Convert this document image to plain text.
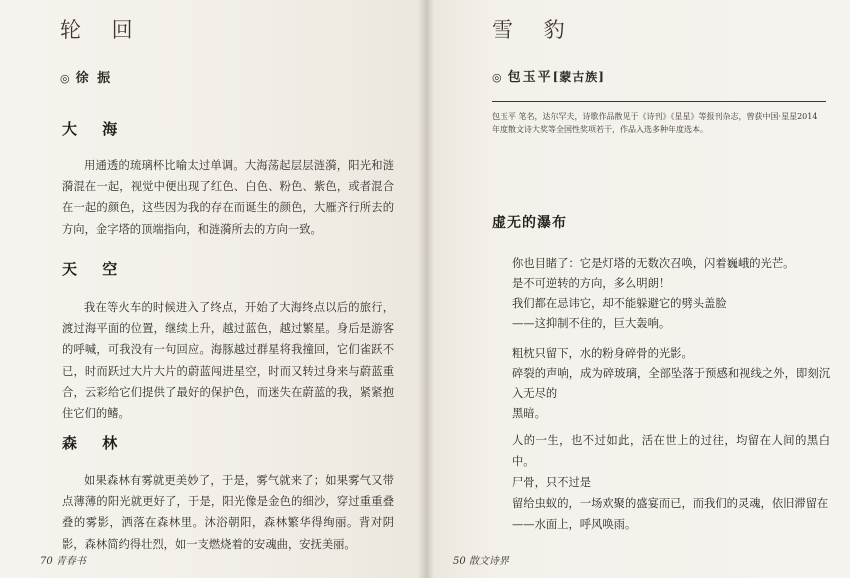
轮 回
◎ 徐 振
大 海
用通透的琉璃杯比喻太过单调。大海荡起层层涟漪，阳光和涟漪混在一起，视觉中便出现了红色、白色、粉色、紫色，或者混合在一起的颜色，这些因为我的存在而诞生的颜色，大雁齐行所去的方向，金字塔的顶端指向，和涟漪所去的方向一致。
天 空
我在等火车的时候进入了终点，开始了大海终点以后的旅行，渡过海平面的位置，继续上升，越过蓝色，越过繁星。身后是游客的呼喊，可我没有一句回应。海豚越过群星将我撞回，它们雀跃不已，时而跃过大片大片的蔚蓝闯进星空，时而又转过身来与蔚蓝重合，云彩给它们提供了最好的保护色，而迷失在蔚蓝的我，紧紧抱住它们的鳍。
森 林
如果森林有雾就更美妙了，于是，雾气就来了；如果雾气又带点薄薄的阳光就更好了，于是，阳光像是金色的细沙，穿过重重叠叠的雾影，洒落在森林里。沐浴朝阳，森林繁华得绚丽。背对阴影，森林简约得壮烈，如一支燃烧着的安魂曲，安抚美丽。
70 青春书	50 散文诗界
雪 豹
◎ 包玉平[蒙古族]
包玉平 笔名，达尔罕夫，诗歌作品散见于《诗刊》《星星》等报刊杂志，曾获中国·星星2014年度散文诗大奖等全国性奖项若干，作品入选多种年度选本。
虚无的瀑布
你也目睹了：它是灯塔的无数次召唤，闪着巍峨的光芒。
是不可逆转的方向，多么明朗！
我们都在忌讳它，却不能躲避它的劈头盖脸
——这抑制不住的，巨大轰响。
粗枕只留下，水的粉身碎骨的光影。
碎裂的声响，成为碎玻璃，全部坠落于预感和视线之外，即刻沉入无尽的
黑暗。
人的一生，也不过如此，活在世上的过往，均留在人间的黑白中。
尸骨，只不过是
留给虫蚁的，一场欢聚的盛宴而已，而我们的灵魂，依旧滞留在
——水面上，呼风唤雨。
